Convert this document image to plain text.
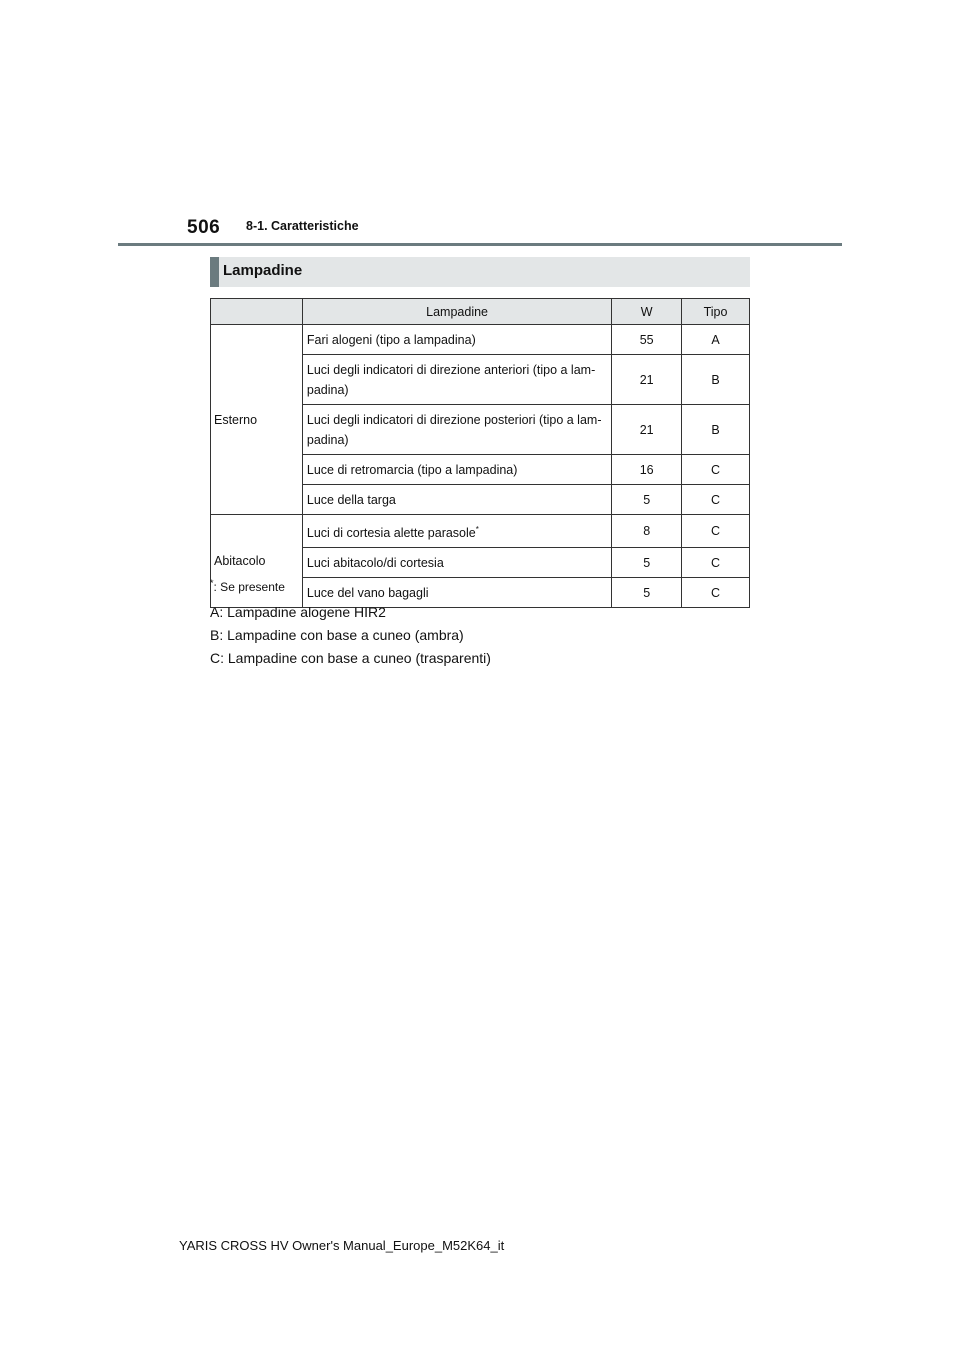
506 8-1. Caratteristiche
Lampadine
	Lampadine	W	Tipo
Esterno	Fari alogeni (tipo a lampadina)	55	A
	Luci degli indicatori di direzione anteriori (tipo a lam-
padina)	21	B
	Luci degli indicatori di direzione posteriori (tipo a lam-
padina)	21	B
	Luce di retromarcia (tipo a lampadina)	16	C
	Luce della targa	5	C
Abitacolo	Luci di cortesia alette parasole*	8	C
	Luci abitacolo/di cortesia	5	C
	Luce del vano bagagli	5	C
*: Se presente
A: Lampadine alogene HIR2
B: Lampadine con base a cuneo (ambra)
C: Lampadine con base a cuneo (trasparenti)
YARIS CROSS HV Owner's Manual_Europe_M52K64_it
